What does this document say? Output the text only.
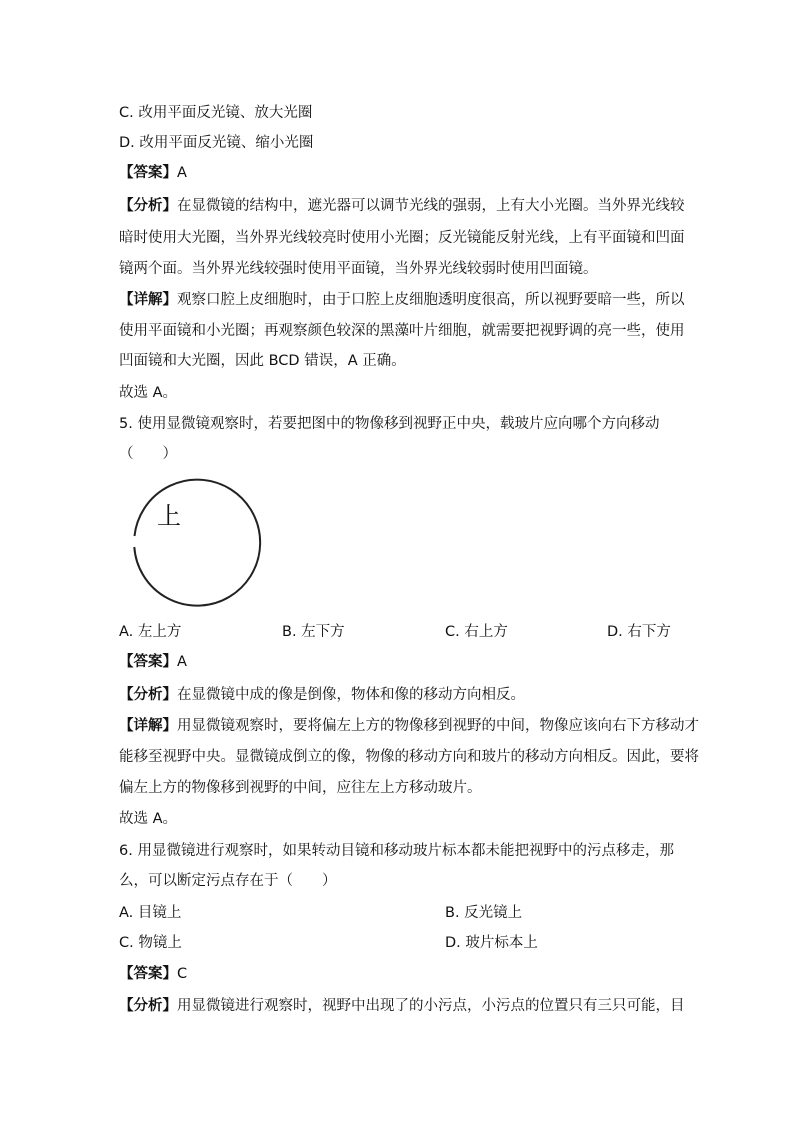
C. 改用平面反光镜、放大光圈
D. 改用平面反光镜、缩小光圈
【答案】A
【分析】在显微镜的结构中，遮光器可以调节光线的强弱，上有大小光圈。当外界光线较
暗时使用大光圈，当外界光线较亮时使用小光圈；反光镜能反射光线，上有平面镜和凹面
镜两个面。当外界光线较强时使用平面镜，当外界光线较弱时使用凹面镜。
【详解】观察口腔上皮细胞时，由于口腔上皮细胞透明度很高，所以视野要暗一些，所以
使用平面镜和小光圈；再观察颜色较深的黑藻叶片细胞，就需要把视野调的亮一些，使用
凹面镜和大光圈，因此 BCD 错误，A 正确。
故选 A。
5. 使用显微镜观察时，若要把图中的物像移到视野正中央，载玻片应向哪个方向移动
（　　）
上
A. 左上方	B. 左下方	C. 右上方	D. 右下方
【答案】A
【分析】在显微镜中成的像是倒像，物体和像的移动方向相反。
【详解】用显微镜观察时，要将偏左上方的物像移到视野的中间，物像应该向右下方移动才
能移至视野中央。显微镜成倒立的像，物像的移动方向和玻片的移动方向相反。因此，要将
偏左上方的物像移到视野的中间，应往左上方移动玻片。
故选 A。
6. 用显微镜进行观察时，如果转动目镜和移动玻片标本都未能把视野中的污点移走，那
么，可以断定污点存在于（　　）
A. 目镜上	B. 反光镜上
C. 物镜上	D. 玻片标本上
【答案】C
【分析】用显微镜进行观察时，视野中出现了的小污点，小污点的位置只有三只可能，目
